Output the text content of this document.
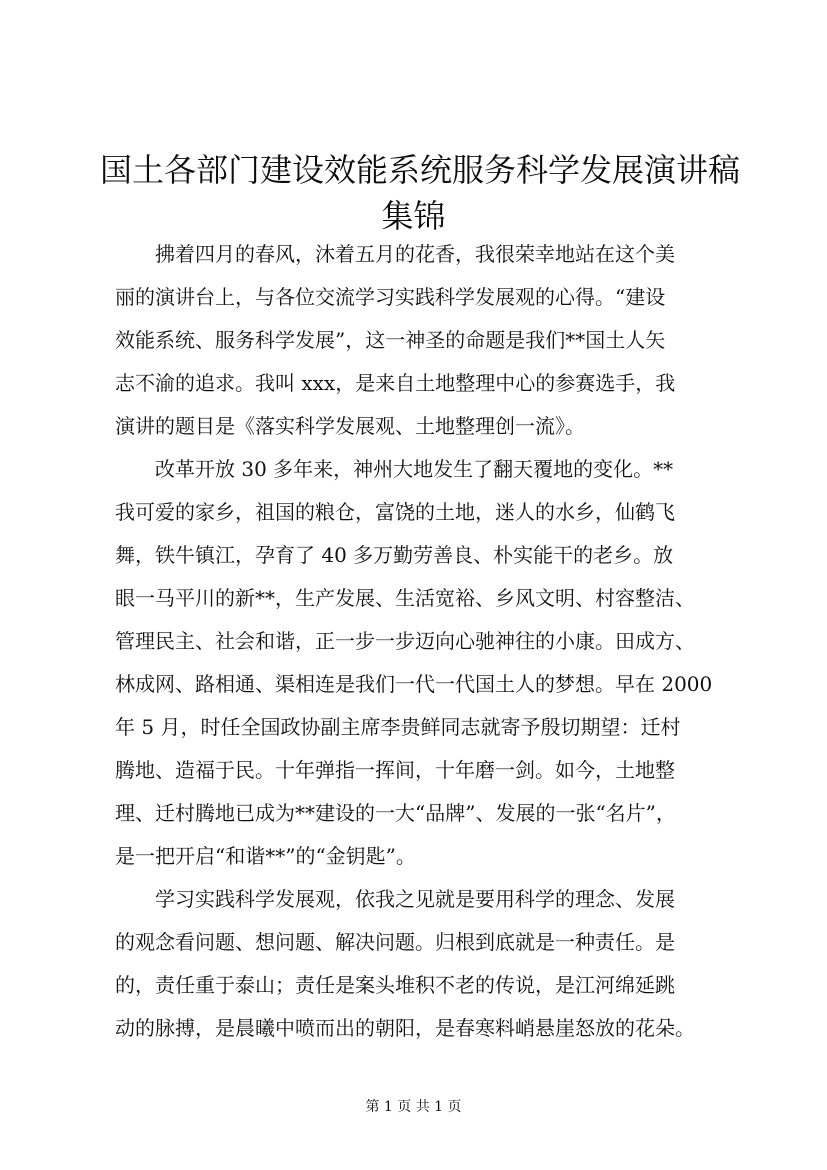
国土各部门建设效能系统服务科学发展演讲稿
集锦

拂着四月的春风，沐着五月的花香，我很荣幸地站在这个美

丽的演讲台上，与各位交流学习实践科学发展观的心得。“建设

效能系统、服务科学发展”，这一神圣的命题是我们**国土人矢

志不渝的追求。我叫 xxx，是来自土地整理中心的参赛选手，我

演讲的题目是《落实科学发展观、土地整理创一流》。

改革开放 30 多年来，神州大地发生了翻天覆地的变化。**

我可爱的家乡，祖国的粮仓，富饶的土地，迷人的水乡，仙鹤飞

舞，铁牛镇江，孕育了 40 多万勤劳善良、朴实能干的老乡。放

眼一马平川的新**，生产发展、生活宽裕、乡风文明、村容整洁、

管理民主、社会和谐，正一步一步迈向心驰神往的小康。田成方、

林成网、路相通、渠相连是我们一代一代国土人的梦想。早在 2000

年 5 月，时任全国政协副主席李贵鲜同志就寄予殷切期望：迁村

腾地、造福于民。十年弹指一挥间，十年磨一剑。如今，土地整

理、迁村腾地已成为**建设的一大“品牌”、发展的一张“名片”，

是一把开启“和谐**”的“金钥匙”。

学习实践科学发展观，依我之见就是要用科学的理念、发展

的观念看问题、想问题、解决问题。归根到底就是一种责任。是

的，责任重于泰山；责任是案头堆积不老的传说，是江河绵延跳

动的脉搏，是晨曦中喷而出的朝阳，是春寒料峭悬崖怒放的花朵。

第 1 页 共 1 页
